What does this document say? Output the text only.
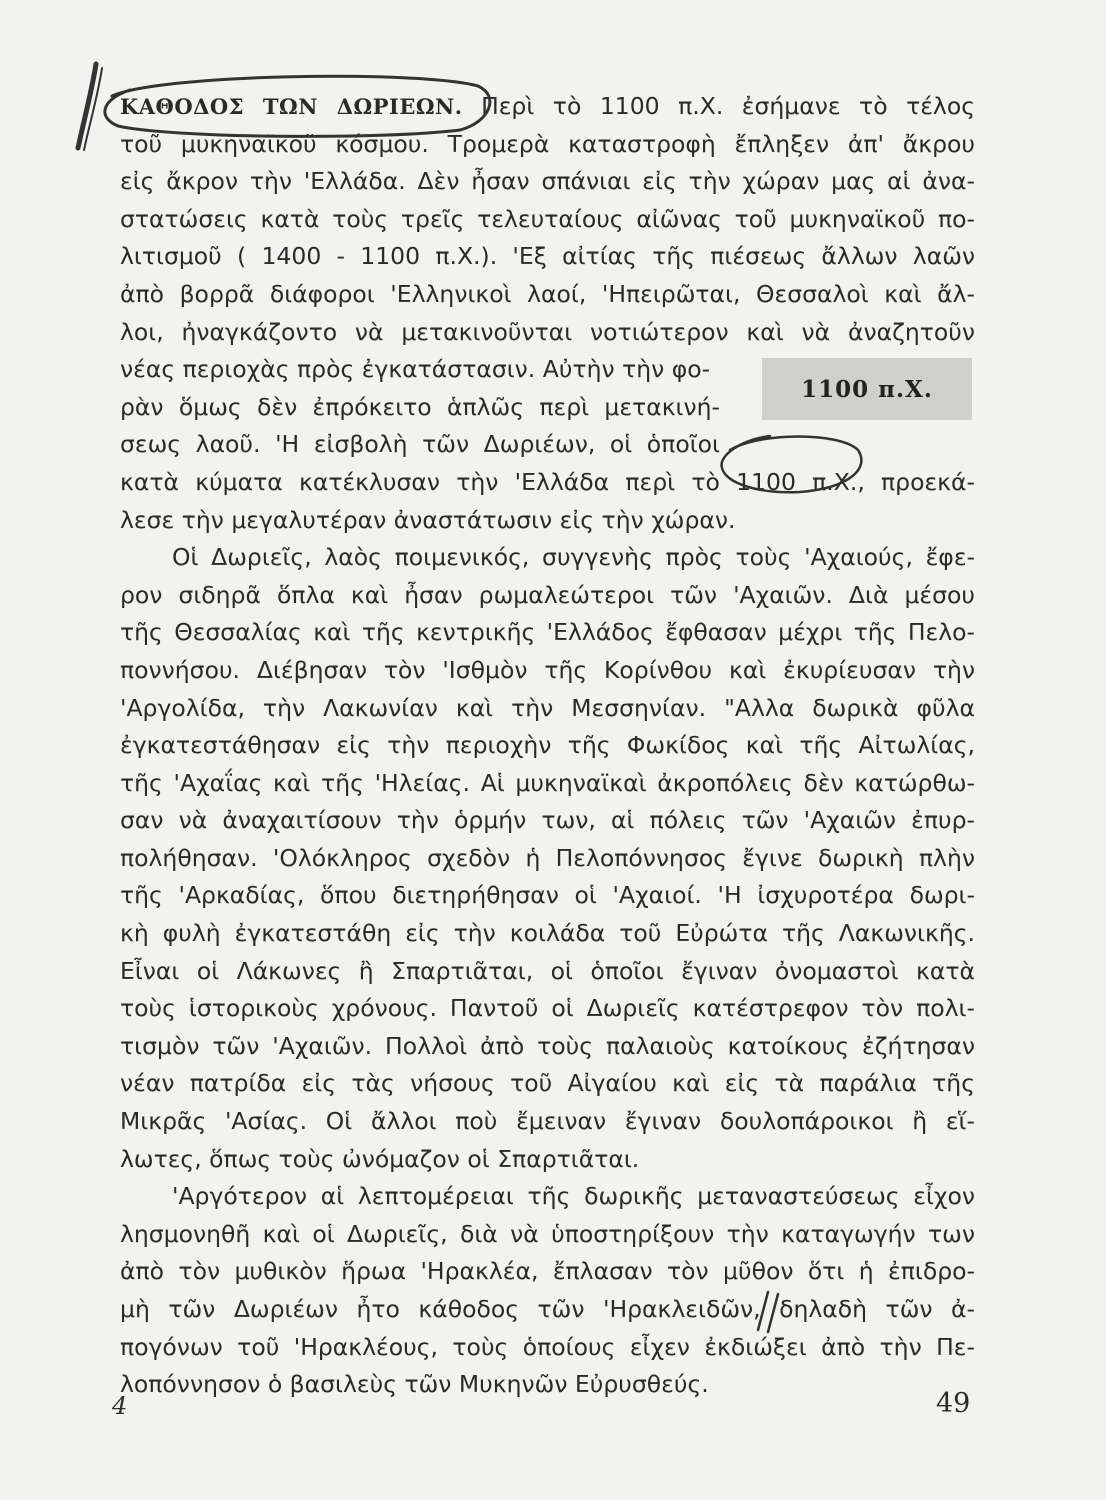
ΚΑΘΟΔΟΣ ΤΩΝ ΔΩΡΙΕΩΝ. Περὶ τὸ 1100 π.Χ. ἐσήμανε τὸ τέλος
τοῦ μυκηναϊκοῦ κόσμου. Τρομερὰ καταστροφὴ ἔπληξεν ἀπ' ἄκρου
εἰς ἄκρον τὴν 'Ελλάδα. Δὲν ἦσαν σπάνιαι εἰς τὴν χώραν μας αἱ ἀνα-
στατώσεις κατὰ τοὺς τρεῖς τελευταίους αἰῶνας τοῦ μυκηναϊκοῦ πο-
λιτισμοῦ ( 1400 - 1100 π.Χ.). 'Εξ αἰτίας τῆς πιέσεως ἄλλων λαῶν
ἀπὸ βορρᾶ διάφοροι 'Ελληνικοὶ λαοί, 'Ηπειρῶται, Θεσσαλοὶ καὶ ἄλ-
λοι, ἠναγκάζοντο νὰ μετακινοῦνται νοτιώτερον καὶ νὰ ἀναζητοῦν
νέας περιοχὰς πρὸς ἐγκατάστασιν. Αὐτὴν τὴν φο-
ρὰν ὅμως δὲν ἐπρόκειτο ἁπλῶς περὶ μετακινή-
σεως λαοῦ. 'Η εἰσβολὴ τῶν Δωριέων, οἱ ὁποῖοι
κατὰ κύματα κατέκλυσαν τὴν 'Ελλάδα περὶ τὸ 1100 π.Χ., προεκά-
λεσε τὴν μεγαλυτέραν ἀναστάτωσιν εἰς τὴν χώραν.
Οἱ Δωριεῖς, λαὸς ποιμενικός, συγγενὴς πρὸς τοὺς 'Αχαιούς, ἔφε-
ρον σιδηρᾶ ὅπλα καὶ ἦσαν ρωμαλεώτεροι τῶν 'Αχαιῶν. Διὰ μέσου
τῆς Θεσσαλίας καὶ τῆς κεντρικῆς 'Ελλάδος ἔφθασαν μέχρι τῆς Πελο-
ποννήσου. Διέβησαν τὸν 'Ισθμὸν τῆς Κορίνθου καὶ ἐκυρίευσαν τὴν
'Αργολίδα, τὴν Λακωνίαν καὶ τὴν Μεσσηνίαν. "Αλλα δωρικὰ φῦλα
ἐγκατεστάθησαν εἰς τὴν περιοχὴν τῆς Φωκίδος καὶ τῆς Αἰτωλίας,
τῆς 'Αχαΐας καὶ τῆς 'Ηλείας. Αἱ μυκηναϊκαὶ ἀκροπόλεις δὲν κατώρθω-
σαν νὰ ἀναχαιτίσουν τὴν ὁρμήν των, αἱ πόλεις τῶν 'Αχαιῶν ἐπυρ-
πολήθησαν. 'Ολόκληρος σχεδὸν ἡ Πελοπόννησος ἔγινε δωρικὴ πλὴν
τῆς 'Αρκαδίας, ὅπου διετηρήθησαν οἱ 'Αχαιοί. 'Η ἰσχυροτέρα δωρι-
κὴ φυλὴ ἐγκατεστάθη εἰς τὴν κοιλάδα τοῦ Εὐρώτα τῆς Λακωνικῆς.
Εἶναι οἱ Λάκωνες ἢ Σπαρτιᾶται, οἱ ὁποῖοι ἔγιναν ὀνομαστοὶ κατὰ
τοὺς ἱστορικοὺς χρόνους. Παντοῦ οἱ Δωριεῖς κατέστρεφον τὸν πολι-
τισμὸν τῶν 'Αχαιῶν. Πολλοὶ ἀπὸ τοὺς παλαιοὺς κατοίκους ἐζήτησαν
νέαν πατρίδα εἰς τὰς νήσους τοῦ Αἰγαίου καὶ εἰς τὰ παράλια τῆς
Μικρᾶς 'Ασίας. Οἱ ἄλλοι ποὺ ἔμειναν ἔγιναν δουλοπάροικοι ἢ εἵ-
λωτες, ὅπως τοὺς ὠνόμαζον οἱ Σπαρτιᾶται.
'Αργότερον αἱ λεπτομέρειαι τῆς δωρικῆς μεταναστεύσεως εἶχον
λησμονηθῆ καὶ οἱ Δωριεῖς, διὰ νὰ ὑποστηρίξουν τὴν καταγωγήν των
ἀπὸ τὸν μυθικὸν ἥρωα 'Ηρακλέα, ἔπλασαν τὸν μῦθον ὅτι ἡ ἐπιδρο-
μὴ τῶν Δωριέων ἦτο κάθοδος τῶν 'Ηρακλειδῶν, δηλαδὴ τῶν ἀ-
πογόνων τοῦ 'Ηρακλέους, τοὺς ὁποίους εἶχεν ἐκδιώξει ἀπὸ τὴν Πε-
λοπόννησον ὁ βασιλεὺς τῶν Μυκηνῶν Εὐρυσθεύς.
1100 π.Χ.
4	49
